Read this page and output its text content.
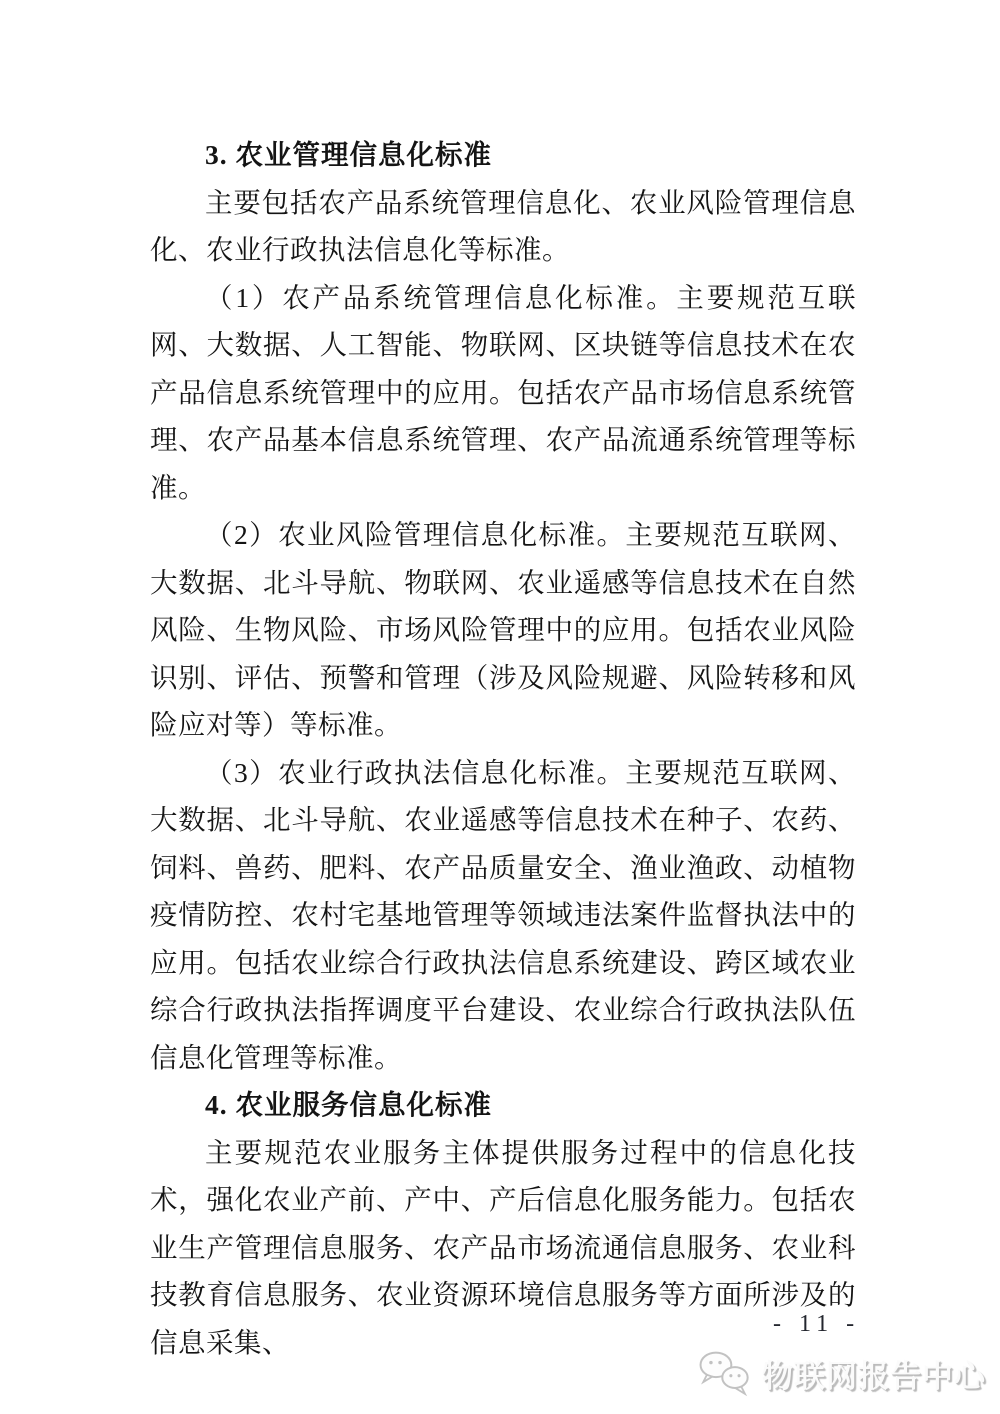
3. 农业管理信息化标准
主要包括农产品系统管理信息化、农业风险管理信息化、农业行政执法信息化等标准。
（1）农产品系统管理信息化标准。主要规范互联网、大数据、人工智能、物联网、区块链等信息技术在农产品信息系统管理中的应用。包括农产品市场信息系统管理、农产品基本信息系统管理、农产品流通系统管理等标准。
（2）农业风险管理信息化标准。主要规范互联网、大数据、北斗导航、物联网、农业遥感等信息技术在自然风险、生物风险、市场风险管理中的应用。包括农业风险识别、评估、预警和管理（涉及风险规避、风险转移和风险应对等）等标准。
（3）农业行政执法信息化标准。主要规范互联网、大数据、北斗导航、农业遥感等信息技术在种子、农药、饲料、兽药、肥料、农产品质量安全、渔业渔政、动植物疫情防控、农村宅基地管理等领域违法案件监督执法中的应用。包括农业综合行政执法信息系统建设、跨区域农业综合行政执法指挥调度平台建设、农业综合行政执法队伍信息化管理等标准。
4. 农业服务信息化标准
主要规范农业服务主体提供服务过程中的信息化技术，强化农业产前、产中、产后信息化服务能力。包括农业生产管理信息服务、农产品市场流通信息服务、农业科技教育信息服务、农业资源环境信息服务等方面所涉及的信息采集、
- 11 -
物联网报告中心
